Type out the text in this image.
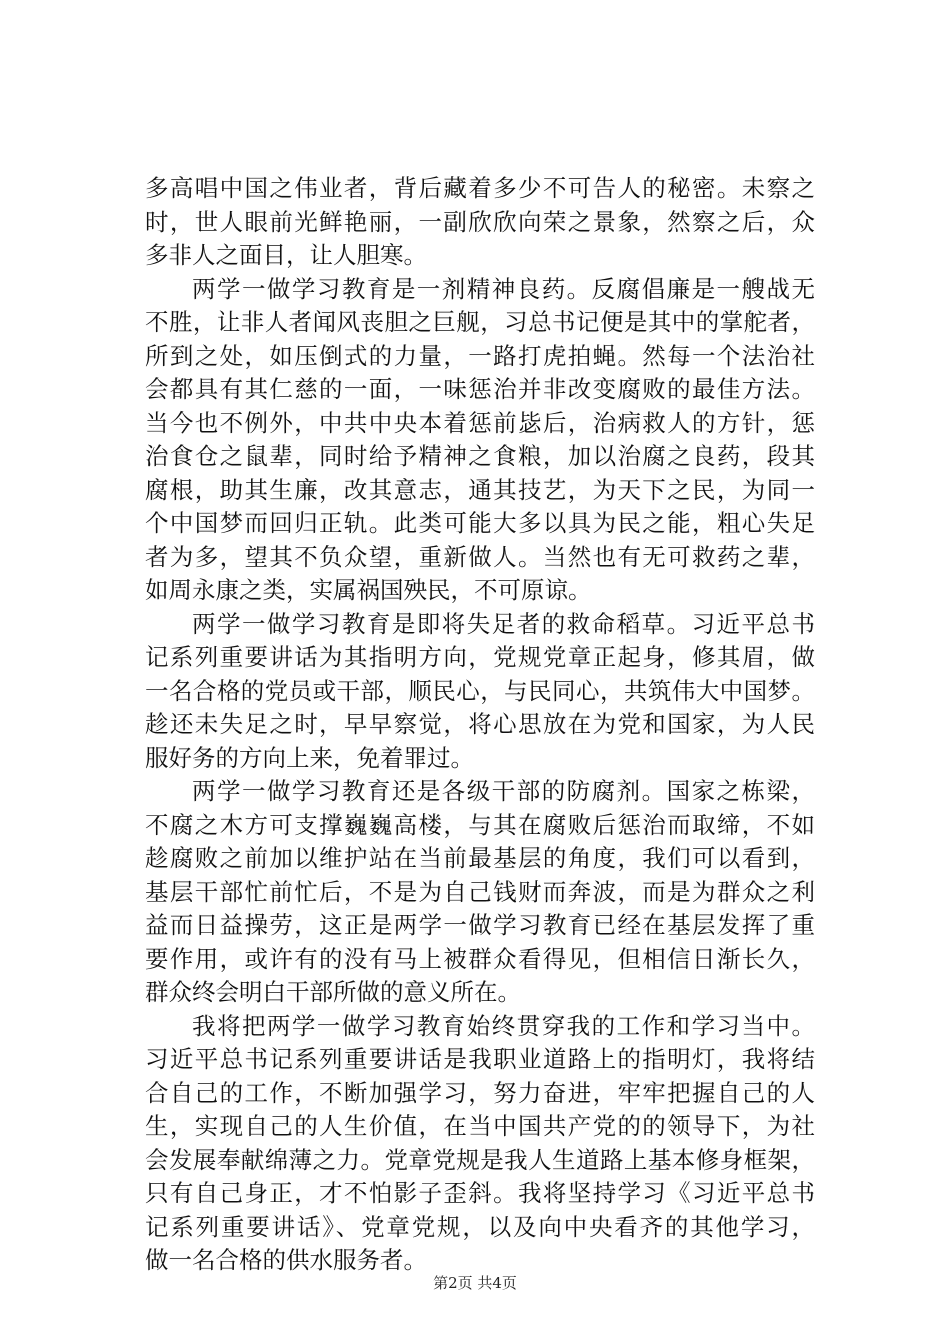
多高唱中国之伟业者，背后藏着多少不可告人的秘密。未察之
时，世人眼前光鲜艳丽，一副欣欣向荣之景象，然察之后，众
多非人之面目，让人胆寒。
两学一做学习教育是一剂精神良药。反腐倡廉是一艘战无
不胜，让非人者闻风丧胆之巨舰，习总书记便是其中的掌舵者，
所到之处，如压倒式的力量，一路打虎拍蝇。然每一个法治社
会都具有其仁慈的一面，一味惩治并非改变腐败的最佳方法。
当今也不例外，中共中央本着惩前毖后，治病救人的方针，惩
治食仓之鼠辈，同时给予精神之食粮，加以治腐之良药，段其
腐根，助其生廉，改其意志，通其技艺，为天下之民，为同一
个中国梦而回归正轨。此类可能大多以具为民之能，粗心失足
者为多，望其不负众望，重新做人。当然也有无可救药之辈，
如周永康之类，实属祸国殃民，不可原谅。
两学一做学习教育是即将失足者的救命稻草。习近平总书
记系列重要讲话为其指明方向，党规党章正起身，修其眉，做
一名合格的党员或干部，顺民心，与民同心，共筑伟大中国梦。
趁还未失足之时，早早察觉，将心思放在为党和国家，为人民
服好务的方向上来，免着罪过。
两学一做学习教育还是各级干部的防腐剂。国家之栋梁，
不腐之木方可支撑巍巍高楼，与其在腐败后惩治而取缔，不如
趁腐败之前加以维护站在当前最基层的角度，我们可以看到，
基层干部忙前忙后，不是为自己钱财而奔波，而是为群众之利
益而日益操劳，这正是两学一做学习教育已经在基层发挥了重
要作用，或许有的没有马上被群众看得见，但相信日渐长久，
群众终会明白干部所做的意义所在。
我将把两学一做学习教育始终贯穿我的工作和学习当中。
习近平总书记系列重要讲话是我职业道路上的指明灯，我将结
合自己的工作，不断加强学习，努力奋进，牢牢把握自己的人
生，实现自己的人生价值，在当中国共产党的的领导下，为社
会发展奉献绵薄之力。党章党规是我人生道路上基本修身框架，
只有自己身正，才不怕影子歪斜。我将坚持学习《习近平总书
记系列重要讲话》、党章党规，以及向中央看齐的其他学习，
做一名合格的供水服务者。
第2页 共4页
